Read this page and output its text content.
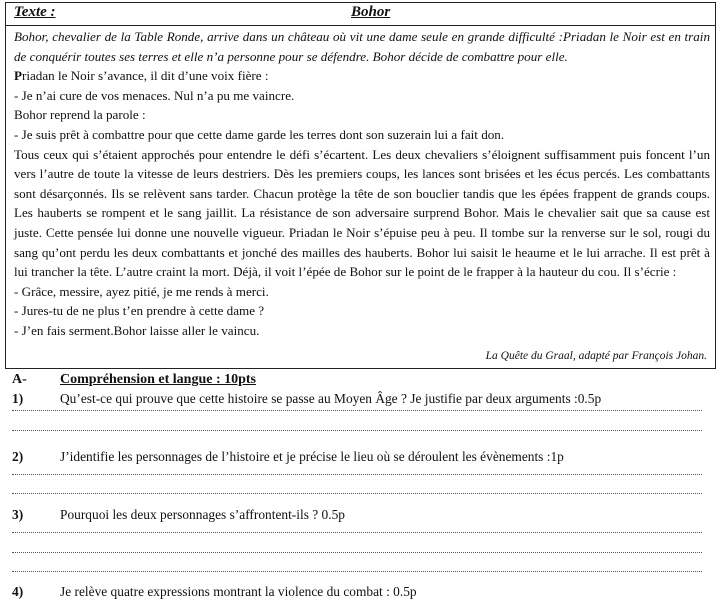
Texte :	Bohor

Bohor, chevalier de la Table Ronde, arrive dans un château où vit une dame seule en grande difficulté :Priadan le Noir est en train de conquérir toutes ses terres et elle n’a personne pour se défendre. Bohor décide de combattre pour elle.

Priadan le Noir s’avance, il dit d’une voix fière :

- Je n’ai cure de vos menaces. Nul n’a pu me vaincre.

Bohor reprend la parole :

- Je suis prêt à combattre pour que cette dame garde les terres dont son suzerain lui a fait don.

Tous ceux qui s’étaient approchés pour entendre le défi s’écartent. Les deux chevaliers s’éloignent suffisamment puis foncent l’un vers l’autre de toute la vitesse de leurs destriers. Dès les premiers coups, les lances sont brisées et les écus percés. Les combattants sont désarçonnés. Ils se relèvent sans tarder. Chacun protège la tête de son bouclier tandis que les épées frappent de grands coups. Les hauberts se rompent et le sang jaillit. La résistance de son adversaire surprend Bohor. Mais le chevalier sait que sa cause est juste. Cette pensée lui donne une nouvelle vigueur. Priadan le Noir s’épuise peu à peu. Il tombe sur la renverse sur le sol, rougi du sang qu’ont perdu les deux combattants et jonché des mailles des hauberts. Bohor lui saisit le heaume et le lui arrache. Il est prêt à lui trancher la tête. L’autre craint la mort. Déjà, il voit l’épée de Bohor sur le point de le frapper à la hauteur du cou. Il s’écrie :

- Grâce, messire, ayez pitié, je me rends à merci.

- Jures-tu de ne plus t’en prendre à cette dame ?

- J’en fais serment.Bohor laisse aller le vaincu.

La Quête du Graal, adapté par François Johan.
A- Compréhension et langue : 10pts
1)	Qu’est-ce qui prouve que cette histoire se passe au Moyen Âge ? Je justifie par deux arguments :0.5p
2)	J’identifie les personnages de l’histoire et je précise le lieu où se déroulent les évènements :1p
3)	Pourquoi les deux personnages s’affrontent-ils ? 0.5p
4)	Je relève quatre expressions montrant la violence du combat : 0.5p
